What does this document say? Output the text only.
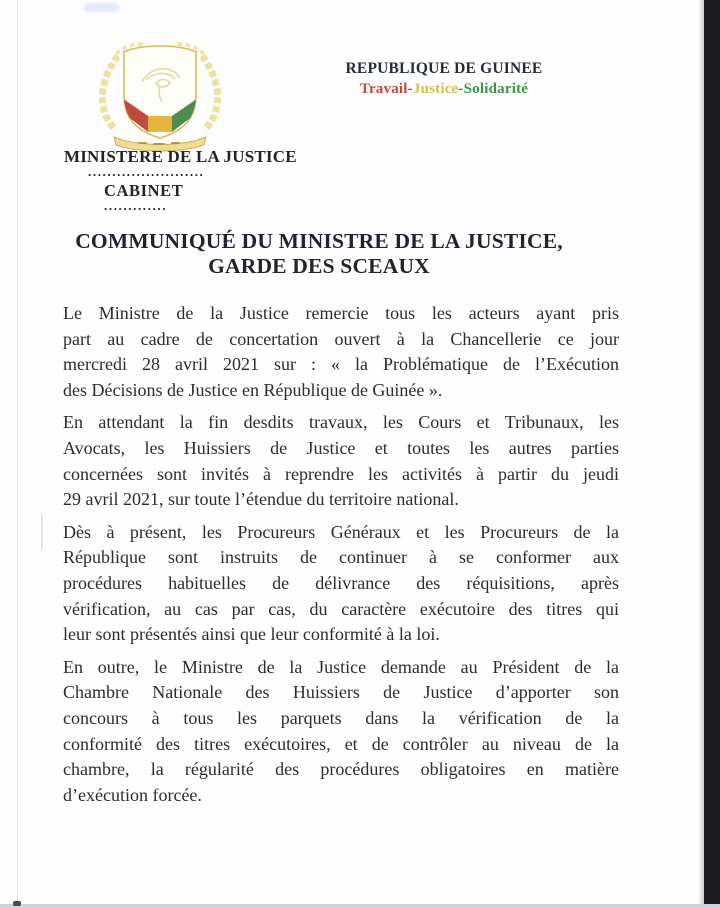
REPUBLIQUE DE GUINEE
Travail-Justice-Solidarité
MINISTERE DE LA JUSTICE
........................
CABINET
.............
COMMUNIQUÉ DU MINISTRE DE LA JUSTICE,
GARDE DES SCEAUX
Le Ministre de la Justice remercie tous les acteurs ayant pris
part au cadre de concertation ouvert à la Chancellerie ce jour
mercredi 28 avril 2021 sur : « la Problématique de l’Exécution
des Décisions de Justice en République de Guinée ».
En attendant la fin desdits travaux, les Cours et Tribunaux, les
Avocats, les Huissiers de Justice et toutes les autres parties
concernées sont invités à reprendre les activités à partir du jeudi
29 avril 2021, sur toute l’étendue du territoire national.
Dès à présent, les Procureurs Généraux et les Procureurs de la
République sont instruits de continuer à se conformer aux
procédures habituelles de délivrance des réquisitions, après
vérification, au cas par cas, du caractère exécutoire des titres qui
leur sont présentés ainsi que leur conformité à la loi.
En outre, le Ministre de la Justice demande au Président de la
Chambre Nationale des Huissiers de Justice d’apporter son
concours à tous les parquets dans la vérification de la
conformité des titres exécutoires, et de contrôler au niveau de la
chambre, la régularité des procédures obligatoires en matière
d’exécution forcée.
